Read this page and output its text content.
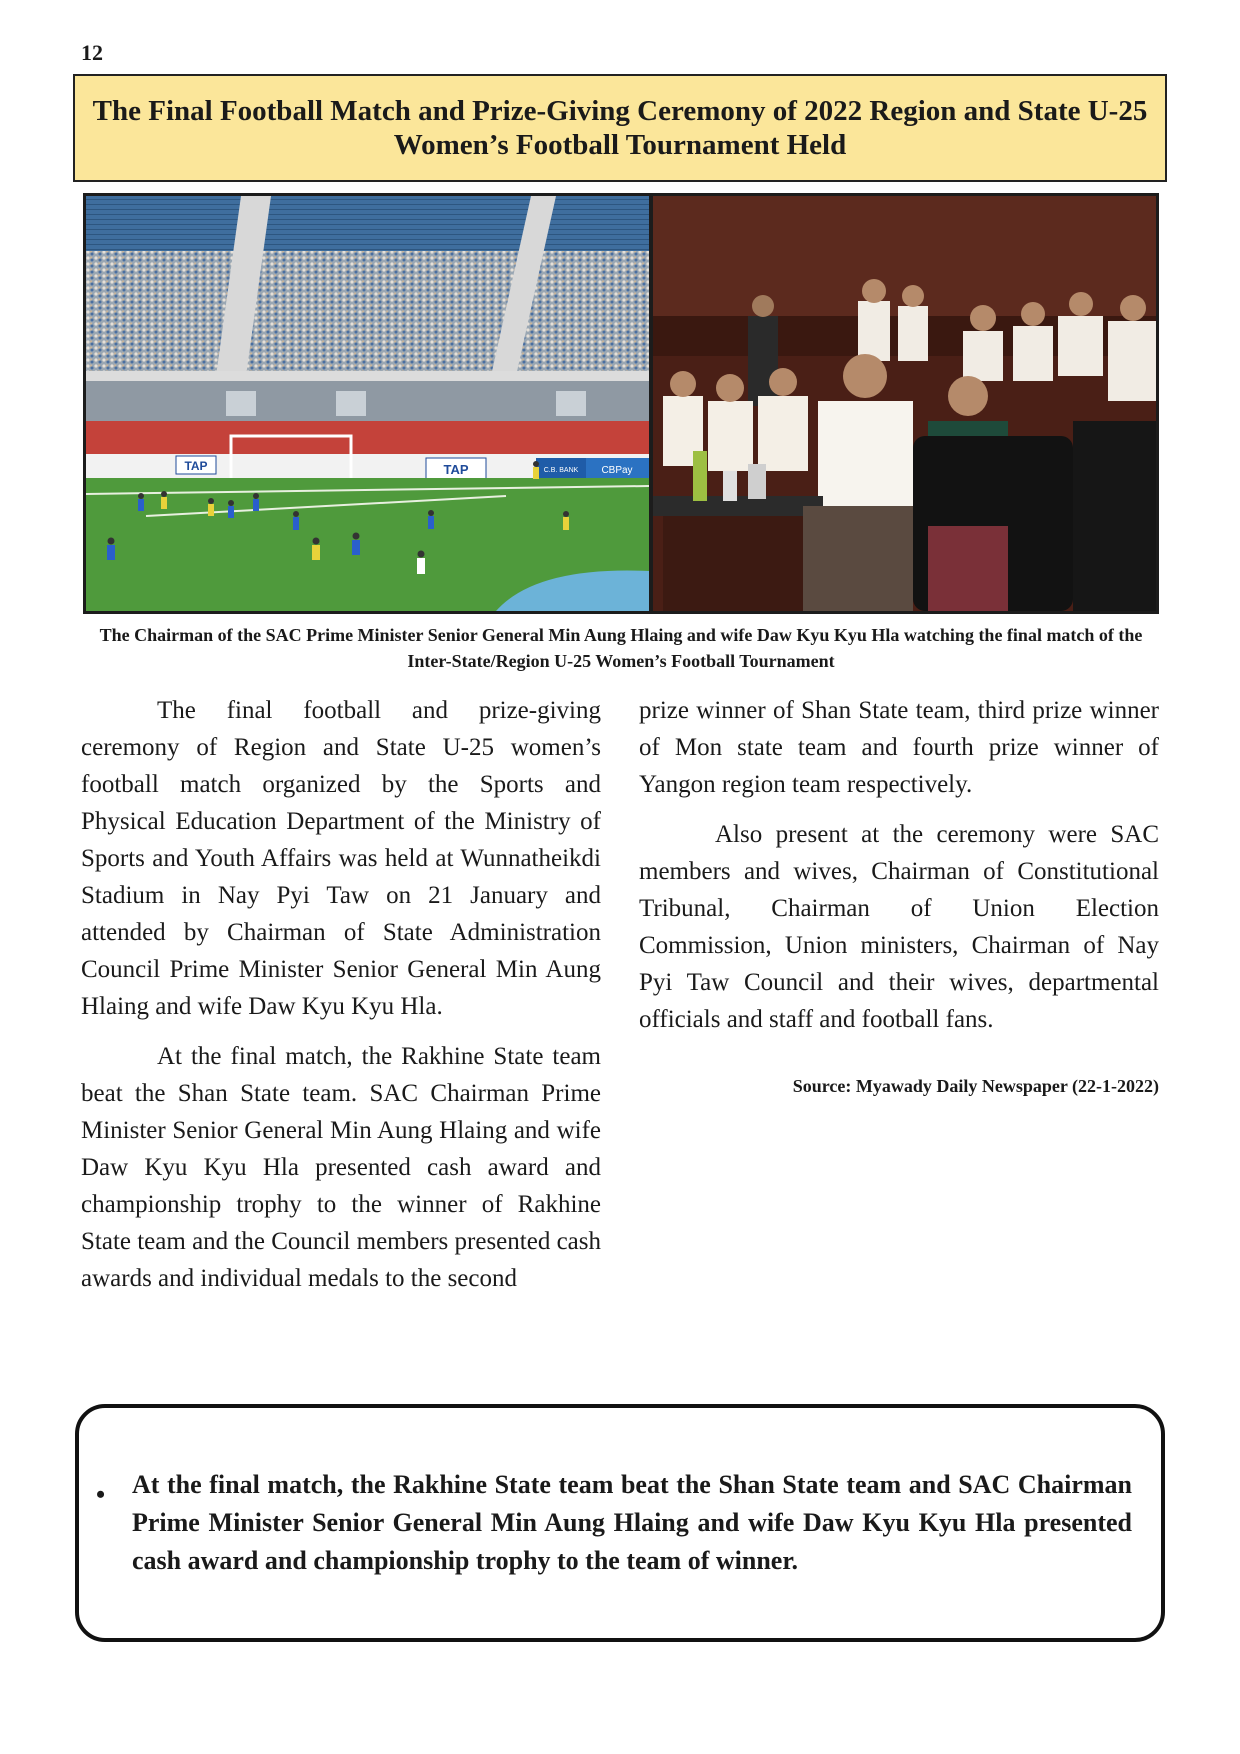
12
The Final Football Match and Prize-Giving Ceremony of 2022 Region and State U-25 Women’s Football Tournament Held
TAP	TAP	C.B. BANK CBPay
The Chairman of the SAC Prime Minister Senior General Min Aung Hlaing and wife Daw Kyu Kyu Hla watching the final match of the Inter-State/Region U-25 Women’s Football Tournament

The final football and prize-giving ceremony of Region and State U-25 women’s football match organized by the Sports and Physical Education Department of the Ministry of Sports and Youth Affairs was held at Wunnatheikdi Stadium in Nay Pyi Taw on 21 January and attended by Chairman of State Administration Council Prime Minister Senior General Min Aung Hlaing and wife Daw Kyu Kyu Hla.

At the final match, the Rakhine State team beat the Shan State team. SAC Chairman Prime Minister Senior General Min Aung Hlaing and wife Daw Kyu Kyu Hla presented cash award and championship trophy to the winner of Rakhine State team and the Council members presented cash awards and individual medals to the second

prize winner of Shan State team, third prize winner of Mon state team and fourth prize winner of Yangon region team respectively.

Also present at the ceremony were SAC members and wives, Chairman of Constitutional Tribunal, Chairman of Union Election Commission, Union ministers, Chairman of Nay Pyi Taw Council and their wives, departmental officials and staff and football fans.

Source: Myawady Daily Newspaper (22-1-2022)

• At the final match, the Rakhine State team beat the Shan State team and SAC Chairman Prime Minister Senior General Min Aung Hlaing and wife Daw Kyu Kyu Hla presented cash award and championship trophy to the team of winner.
